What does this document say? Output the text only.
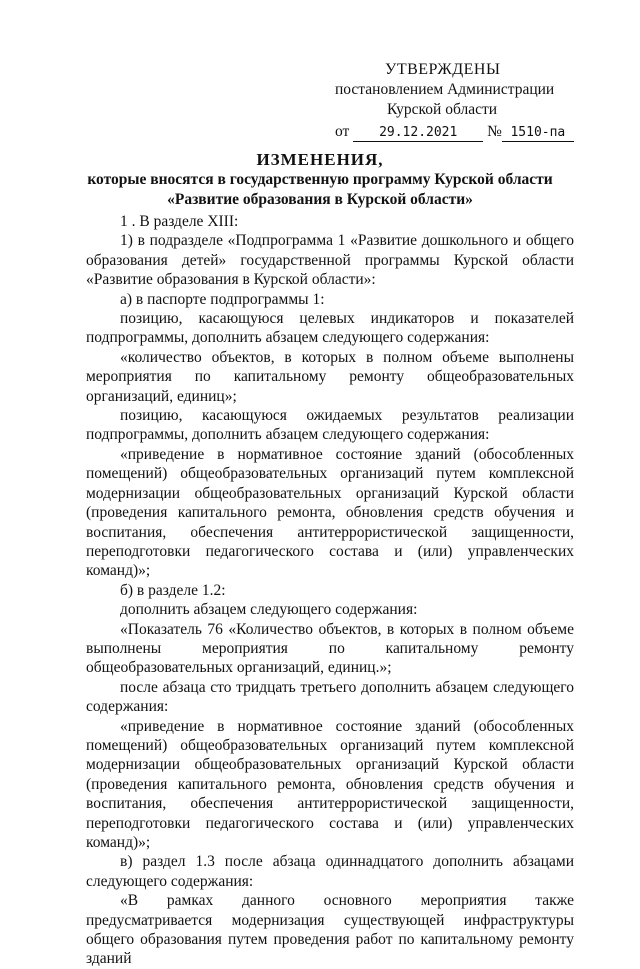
УТВЕРЖДЕНЫ
постановлением Администрации
Курской области
от 29.12.2021 № 1510-па
ИЗМЕНЕНИЯ,
которые вносятся в государственную программу Курской области
«Развитие образования в Курской области»

1 . В разделе XIII:

1) в подразделе «Подпрограмма 1 «Развитие дошкольного и общего образования детей» государственной программы Курской области «Развитие образования в Курской области»:

а) в паспорте подпрограммы 1:

позицию, касающуюся целевых индикаторов и показателей подпрограммы, дополнить абзацем следующего содержания:

«количество объектов, в которых в полном объеме выполнены мероприятия по капитальному ремонту общеобразовательных организаций, единиц»;

позицию, касающуюся ожидаемых результатов реализации подпрограммы, дополнить абзацем следующего содержания:

«приведение в нормативное состояние зданий (обособленных помещений) общеобразовательных организаций путем комплексной модернизации общеобразовательных организаций Курской области (проведения капитального ремонта, обновления средств обучения и воспитания, обеспечения антитеррористической защищенности, переподготовки педагогического состава и (или) управленческих команд)»;

б) в разделе 1.2:

дополнить абзацем следующего содержания:

«Показатель 76 «Количество объектов, в которых в полном объеме выполнены мероприятия по капитальному ремонту общеобразовательных организаций, единиц.»;

после абзаца сто тридцать третьего дополнить абзацем следующего содержания:

«приведение в нормативное состояние зданий (обособленных помещений) общеобразовательных организаций путем комплексной модернизации общеобразовательных организаций Курской области (проведения капитального ремонта, обновления средств обучения и воспитания, обеспечения антитеррористической защищенности, переподготовки педагогического состава и (или) управленческих команд)»;

в) раздел 1.3 после абзаца одиннадцатого дополнить абзацами следующего содержания:

«В рамках данного основного мероприятия также предусматривается модернизация существующей инфраструктуры общего образования путем проведения работ по капитальному ремонту зданий
